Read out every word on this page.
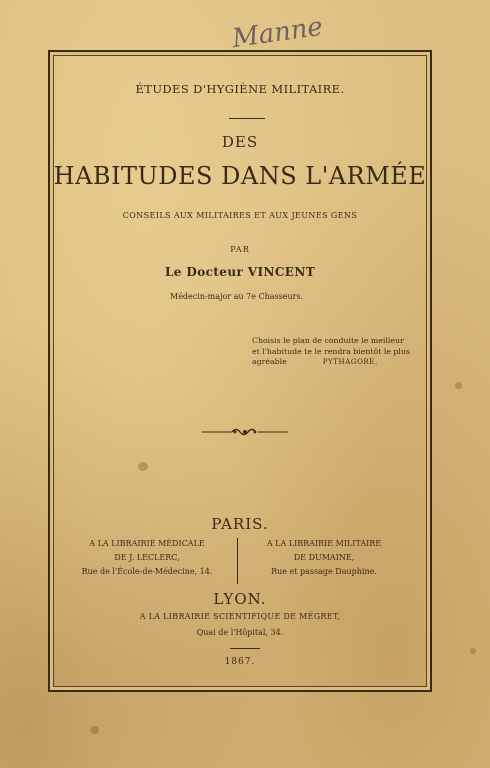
Manne
ÉTUDES D'HYGIÈNE MILITAIRE.
DES
HABITUDES DANS L'ARMÉE
CONSEILS AUX MILITAIRES ET AUX JEUNES GENS
PAR
Le Docteur VINCENT
Médecin-major au 7e Chasseurs.
Choisis le plan de conduite le meilleur
et l'habitude te le rendra bientôt le plus
agréable	PYTHAGORE.
PARIS.
A LA LIBRAIRIE MÉDICALE
DE J. LECLERC,
Rue de l'École-de-Médecine, 14.
A LA LIBRAIRIE MILITAIRE
DE DUMAINE,
Rue et passage Dauphine.
LYON.
A LA LIBRAIRIE SCIENTIFIQUE DE MÉGRET,
Quai de l'Hôpital, 34.
1867.
